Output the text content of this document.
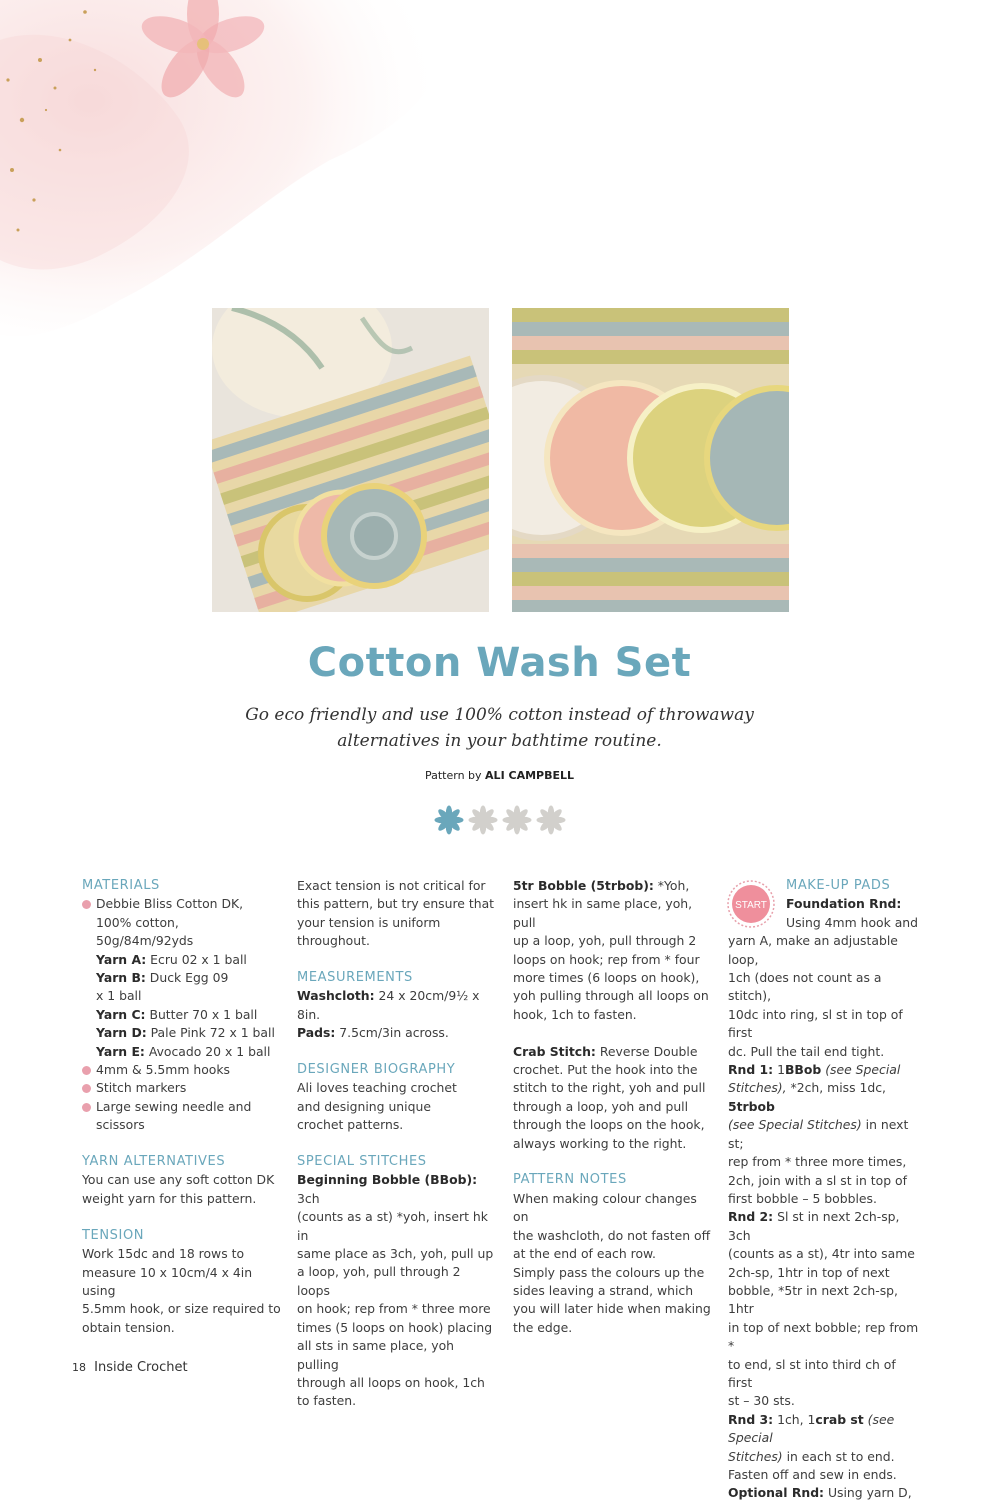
Cotton Wash Set
Go eco friendly and use 100% cotton instead of throwaway
alternatives in your bathtime routine.
Pattern by ALI CAMPBELL
MATERIALS
Debbie Bliss Cotton DK,
100% cotton,
50g/84m/92yds
Yarn A: Ecru 02 x 1 ball
Yarn B: Duck Egg 09
x 1 ball
Yarn C: Butter 70 x 1 ball
Yarn D: Pale Pink 72 x 1 ball
Yarn E: Avocado 20 x 1 ball
4mm & 5.5mm hooks
Stitch markers
Large sewing needle and
scissors
YARN ALTERNATIVES
You can use any soft cotton DK
weight yarn for this pattern.
TENSION
Work 15dc and 18 rows to
measure 10 x 10cm/4 x 4in using
5.5mm hook, or size required to
obtain tension.
Exact tension is not critical for
this pattern, but try ensure that
your tension is uniform
throughout.
MEASUREMENTS
Washcloth: 24 x 20cm/9½ x 8in.
Pads: 7.5cm/3in across.
DESIGNER BIOGRAPHY
Ali loves teaching crochet
and designing unique
crochet patterns.
SPECIAL STITCHES
Beginning Bobble (BBob): 3ch
(counts as a st) *yoh, insert hk in
same place as 3ch, yoh, pull up
a loop, yoh, pull through 2 loops
on hook; rep from * three more
times (5 loops on hook) placing
all sts in same place, yoh pulling
through all loops on hook, 1ch
to fasten.
5tr Bobble (5trbob): *Yoh,
insert hk in same place, yoh, pull
up a loop, yoh, pull through 2
loops on hook; rep from * four
more times (6 loops on hook),
yoh pulling through all loops on
hook, 1ch to fasten.
Crab Stitch: Reverse Double
crochet. Put the hook into the
stitch to the right, yoh and pull
through a loop, yoh and pull
through the loops on the hook,
always working to the right.
PATTERN NOTES
When making colour changes on
the washcloth, do not fasten off
at the end of each row.
Simply pass the colours up the
sides leaving a strand, which
you will later hide when making
the edge.
START
MAKE-UP PADS
Foundation Rnd:
Using 4mm hook and
yarn A, make an adjustable loop,
1ch (does not count as a stitch),
10dc into ring, sl st in top of first
dc. Pull the tail end tight.
Rnd 1: 1BBob (see Special
Stitches), *2ch, miss 1dc, 5trbob
(see Special Stitches) in next st;
rep from * three more times,
2ch, join with a sl st in top of
first bobble – 5 bobbles.
Rnd 2: Sl st in next 2ch-sp, 3ch
(counts as a st), 4tr into same
2ch-sp, 1htr in top of next
bobble, *5tr in next 2ch-sp, 1htr
in top of next bobble; rep from *
to end, sl st into third ch of first
st – 30 sts.
Rnd 3: 1ch, 1crab st (see Special
Stitches) in each st to end.
Fasten off and sew in ends.
Optional Rnd: Using yarn D,
18 Inside Crochet
